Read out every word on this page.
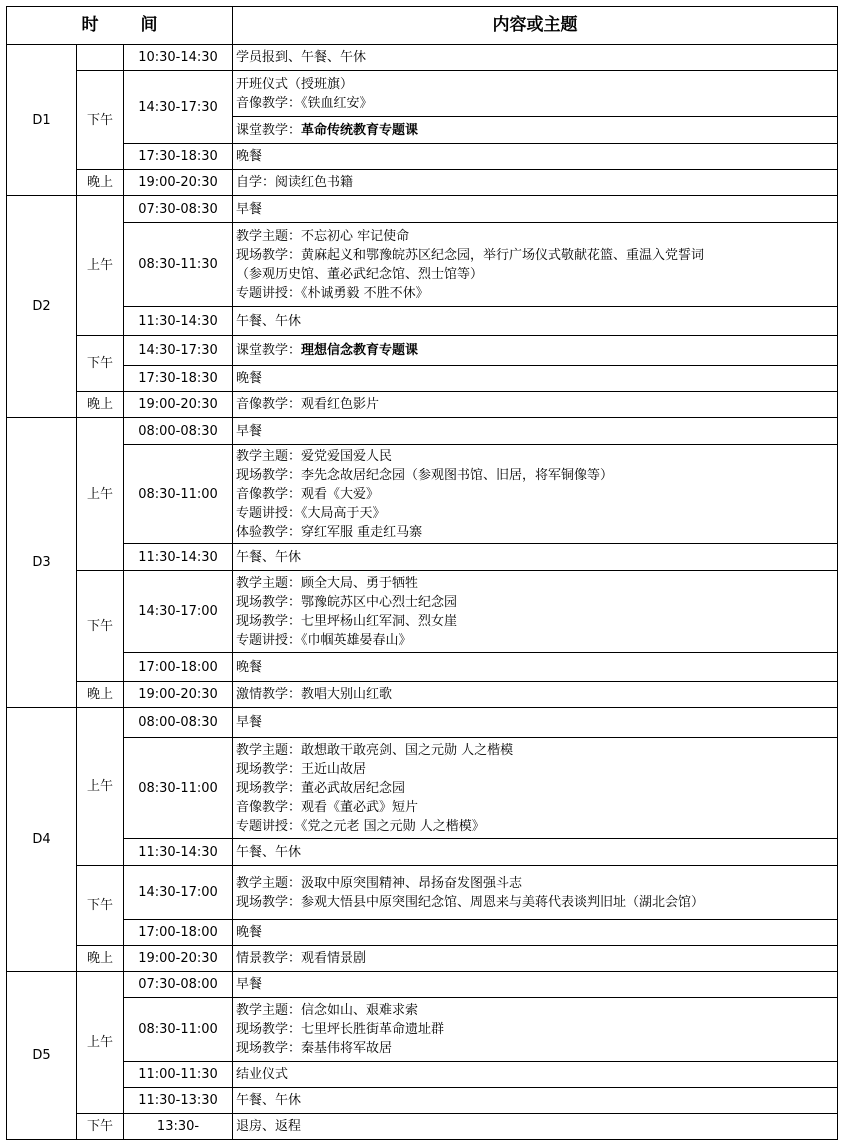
时 间			内容或主题
D1		10:30-14:30	学员报到、午餐、午休

	下午	14:30-17:30	开班仪式（授班旗）
音像教学：《铁血红安》

			课堂教学：革命传统教育专题课
		17:30-18:30	晚餐

	晚上	19:00-20:30	自学：阅读红色书籍

D2	上午	07:30-08:30	早餐

		08:30-11:30	教学主题：不忘初心 牢记使命
现场教学：黄麻起义和鄂豫皖苏区纪念园，举行广场仪式敬献花篮、重温入党誓词
（参观历史馆、董必武纪念馆、烈士馆等）
专题讲授：《朴诚勇毅 不胜不休》

		11:30-14:30	午餐、午休

	下午	14:30-17:30	课堂教学：理想信念教育专题课
		17:30-18:30	晚餐

	晚上	19:00-20:30	音像教学：观看红色影片

D3	上午	08:00-08:30	早餐

		08:30-11:00	教学主题：爱党爱国爱人民
现场教学：李先念故居纪念园（参观图书馆、旧居，将军铜像等）
音像教学：观看《大爱》
专题讲授：《大局高于天》
体验教学：穿红军服 重走红马寨

		11:30-14:30	午餐、午休

	下午	14:30-17:00	教学主题：顾全大局、勇于牺牲
现场教学：鄂豫皖苏区中心烈士纪念园
现场教学：七里坪杨山红军洞、烈女崖
专题讲授：《巾帼英雄晏春山》

		17:00-18:00	晚餐

	晚上	19:00-20:30	激情教学：教唱大别山红歌

D4	上午	08:00-08:30	早餐

		08:30-11:00	教学主题：敢想敢干敢亮剑、国之元勋 人之楷模
现场教学：王近山故居
现场教学：董必武故居纪念园
音像教学：观看《董必武》短片
专题讲授：《党之元老 国之元勋 人之楷模》

		11:30-14:30	午餐、午休

	下午	14:30-17:00	教学主题：汲取中原突围精神、昂扬奋发图强斗志
现场教学：参观大悟县中原突围纪念馆、周恩来与美蒋代表谈判旧址（湖北会馆）

		17:00-18:00	晚餐

	晚上	19:00-20:30	情景教学：观看情景剧

D5	上午	07:30-08:00	早餐

		08:30-11:00	教学主题：信念如山、艰难求索
现场教学：七里坪长胜街革命遗址群
现场教学：秦基伟将军故居

		11:00-11:30	结业仪式

		11:30-13:30	午餐、午休

	下午	13:30-	退房、返程
